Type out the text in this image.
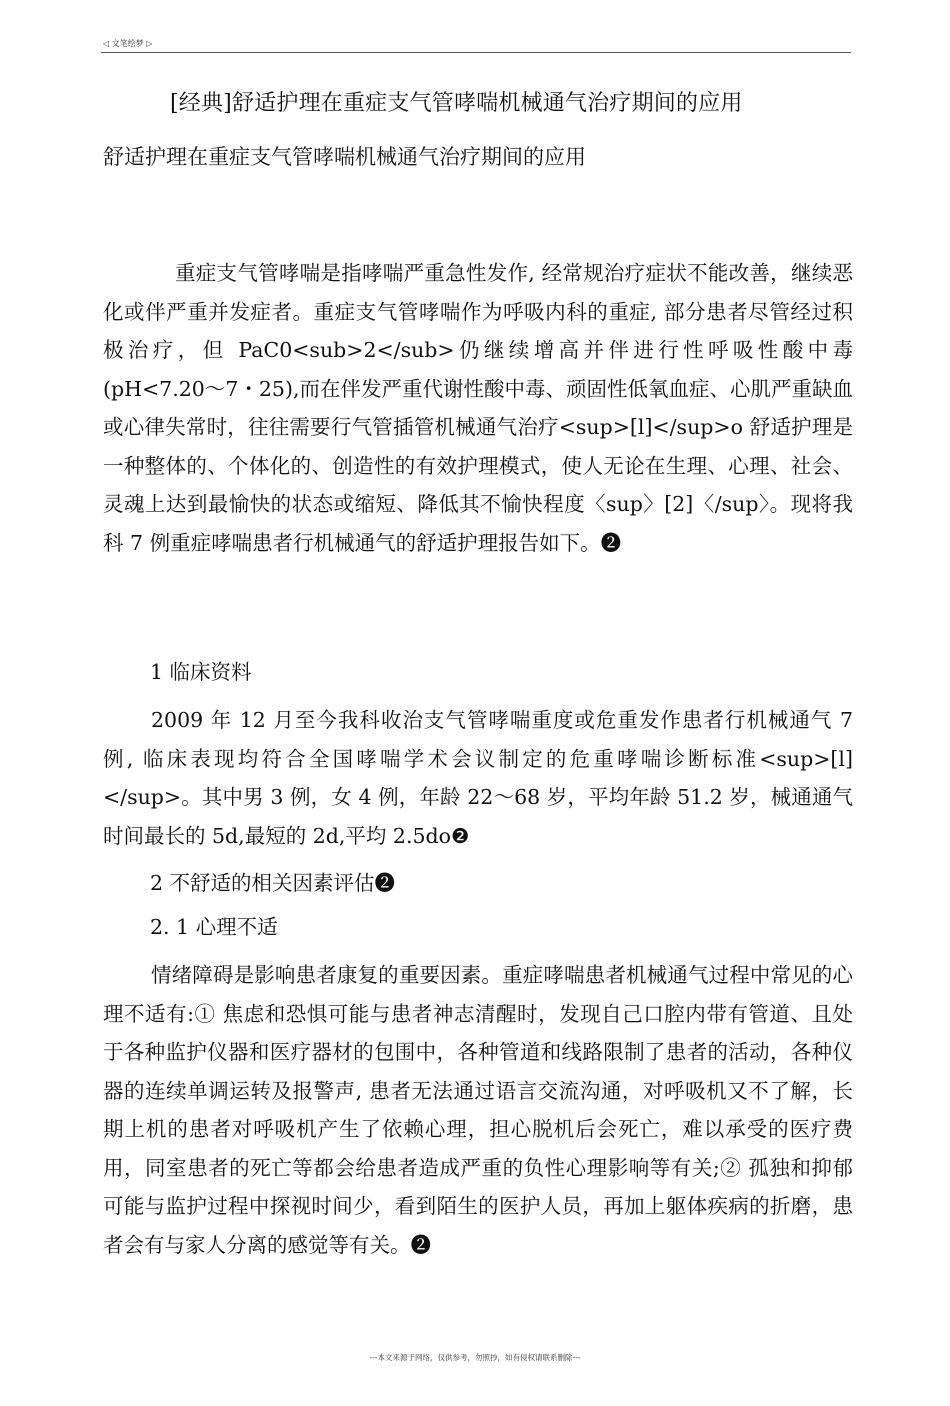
◁ 文笔绘梦 ▷
[经典]舒适护理在重症支气管哮喘机械通气治疗期间的应用
舒适护理在重症支气管哮喘机械通气治疗期间的应用

重症支气管哮喘是指哮喘严重急性发作, 经常规治疗症状不能改善，继续恶化或伴严重并发症者。重症支气管哮喘作为呼吸内科的重症, 部分患者尽管经过积极治疗，但 PaC0<sub>2</sub>仍继续增高并伴进行性呼吸性酸中毒(pH<7.20〜7・25),而在伴发严重代谢性酸中毒、顽固性低氧血症、心肌严重缺血或心律失常时，往往需要行气管插管机械通气治疗<sup>[l]</sup>o 舒适护理是一种整体的、个体化的、创造性的有效护理模式，使人无论在生理、心理、社会、灵魂上达到最愉快的状态或缩短、降低其不愉快程度〈sup〉[2]〈/sup〉。现将我科 7 例重症哮喘患者行机械通气的舒适护理报告如下。❷

1 临床资料

2009 年 12 月至今我科收治支气管哮喘重度或危重发作患者行机械通气 7 例, 临床表现均符合全国哮喘学术会议制定的危重哮喘诊断标准<sup>[l]</sup>。其中男 3 例，女 4 例，年龄 22〜68 岁，平均年龄 51.2 岁，械通通气时间最长的 5d,最短的 2d,平均 2.5do❷

2 不舒适的相关因素评估❷
2. 1 心理不适

情绪障碍是影响患者康复的重要因素。重症哮喘患者机械通气过程中常见的心理不适有:① 焦虑和恐惧可能与患者神志清醒时，发现自己口腔内带有管道、且处于各种监护仪器和医疗器材的包围中，各种管道和线路限制了患者的活动，各种仪器的连续单调运转及报警声, 患者无法通过语言交流沟通，对呼吸机又不了解，长期上机的患者对呼吸机产生了依赖心理，担心脱机后会死亡，难以承受的医疗费用，同室患者的死亡等都会给患者造成严重的负性心理影响等有关;② 孤独和抑郁可能与监护过程中探视时间少，看到陌生的医护人员，再加上躯体疾病的折磨，患者会有与家人分离的感觉等有关。❷

---本文来源于网络，仅供参考，勿照抄，如有侵权请联系删除---
